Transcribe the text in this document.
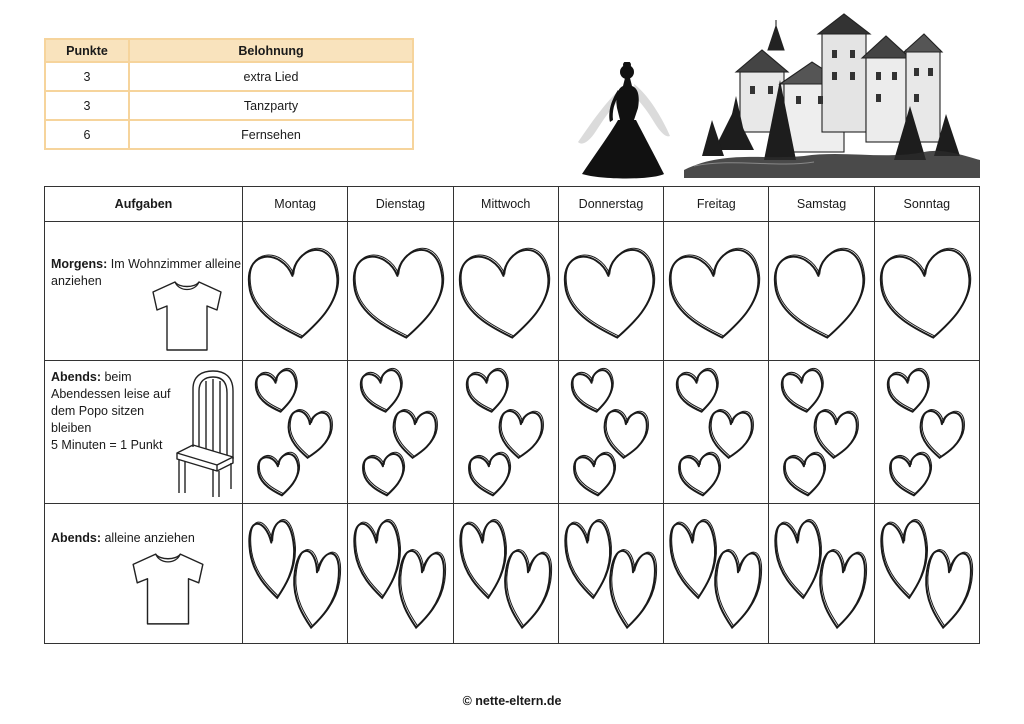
Punkte	Belohnung
3	extra Lied
3	Tanzparty
6	Fernsehen
Aufgaben	Montag	Dienstag	Mittwoch	Donnerstag	Freitag	Samstag	Sonntag

Morgens: Im Wohnzimmer alleine anziehen

Abends: beim Abendessen leise auf dem Popo sitzen bleiben
5 Minuten = 1 Punkt

Abends: alleine anziehen

© nette-eltern.de
